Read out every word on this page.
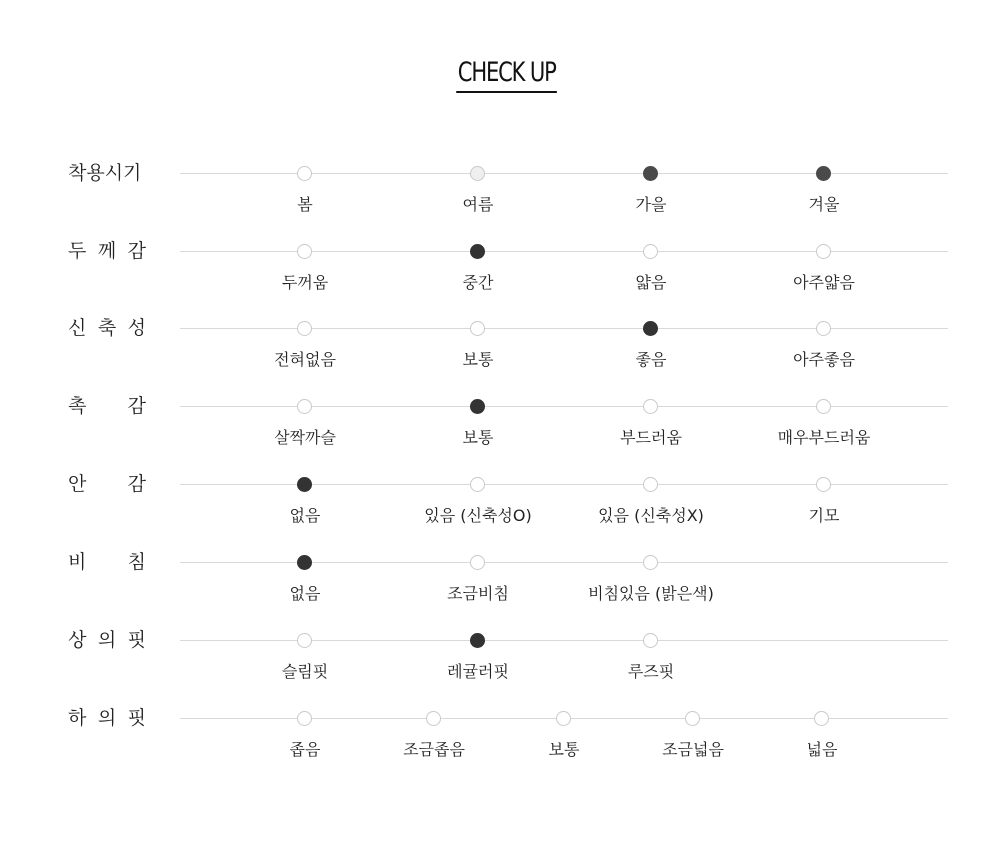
CHECK UP
착용시기
봄	여름	가을	겨울
두 께 감
두꺼움	중간	얇음	아주얇음
신 축 성
전혀없음	보통	좋음	아주좋음
촉 감
살짝까슬	보통	부드러움	매우부드러움
안 감
없음	있음 (신축성O)	있음 (신축성X)	기모
비 침
없음	조금비침	비침있음 (밝은색)
상 의 핏
슬림핏	레귤러핏	루즈핏
하 의 핏
좁음	조금좁음	보통	조금넓음	넓음
